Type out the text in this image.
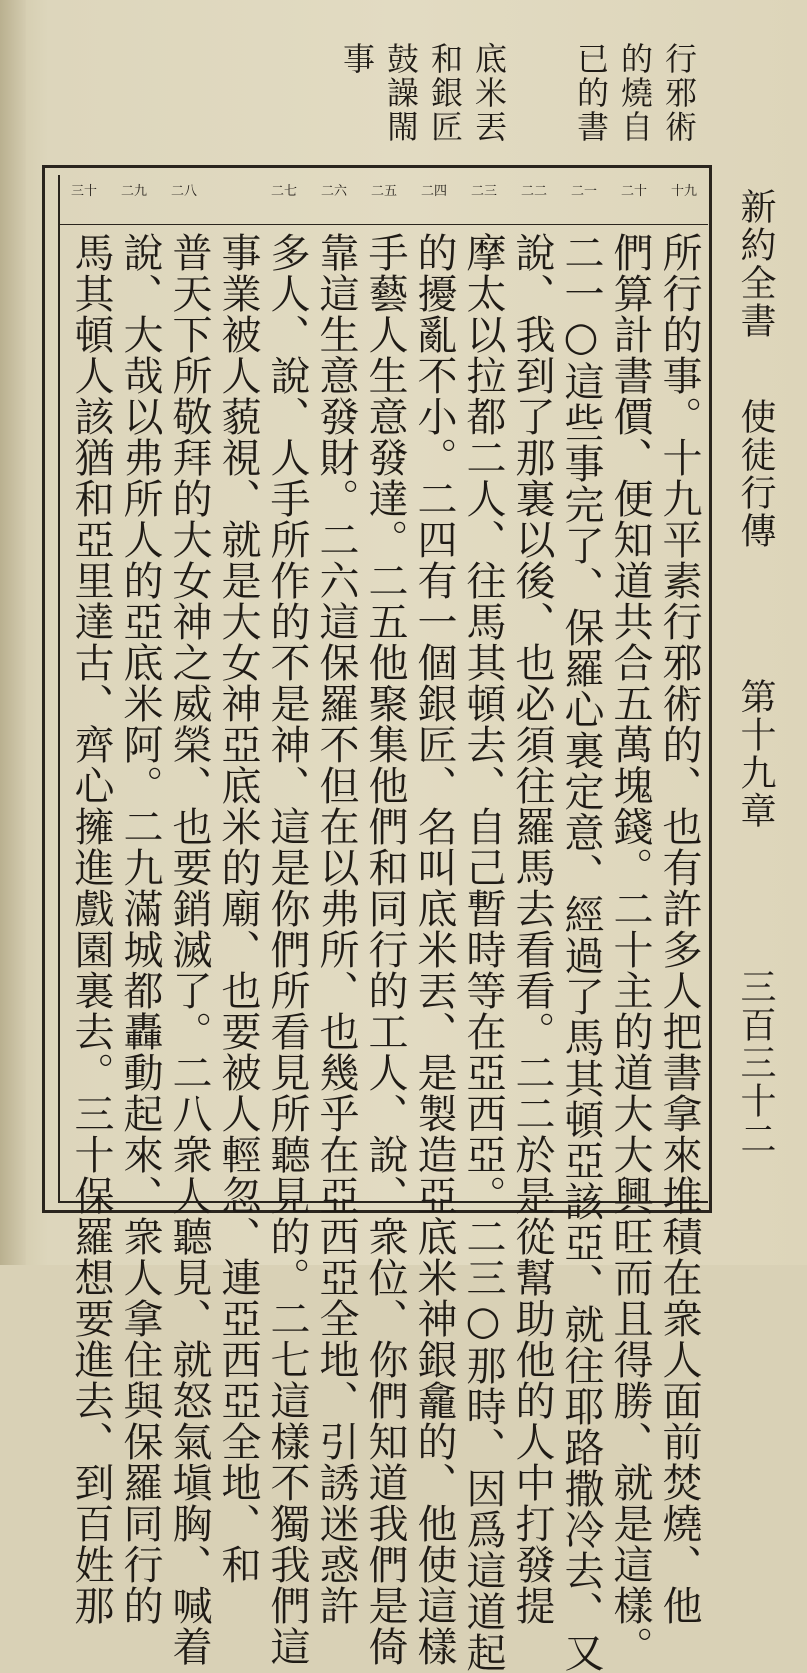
行邪術
的燒自
已的書
底米丟
和銀匠
鼓譟閙
事
新約全書
使徒行傳
第十九章
三百三十二
十九
二十
二一
二二
二三
二四
二五
二六
二七
二八
二九
三十
所行的事。十九平素行邪術的、也有許多人把書拿來堆積在衆人面前焚燒、他
們算計書價、便知道共合五萬塊錢。二十主的道大大興旺而且得勝、就是這樣。
二一○這些事完了、保羅心裏定意、經過了馬其頓亞該亞、就往耶路撒冷去、又
說、我到了那裏以後、也必須往羅馬去看看。二二於是從幫助他的人中打發提
摩太以拉都二人、往馬其頓去、自己暫時等在亞西亞。二三○那時、因爲這道起
的擾亂不小。二四有一個銀匠、名叫底米丟、是製造亞底米神銀龕的、他使這樣
手藝人生意發達。二五他聚集他們和同行的工人、說、衆位、你們知道我們是倚
靠這生意發財。二六這保羅不但在以弗所、也幾乎在亞西亞全地、引誘迷惑許
多人、說、人手所作的不是神、這是你們所看見所聽見的。二七這樣不獨我們這
事業被人藐視、就是大女神亞底米的廟、也要被人輕忽、連亞西亞全地、和
普天下所敬拜的大女神之威榮、也要銷滅了。二八衆人聽見、就怒氣塡胸、喊着
說、大哉以弗所人的亞底米阿。二九滿城都轟動起來、衆人拿住與保羅同行的
馬其頓人該猶和亞里達古、齊心擁進戲園裏去。三十保羅想要進去、到百姓那
